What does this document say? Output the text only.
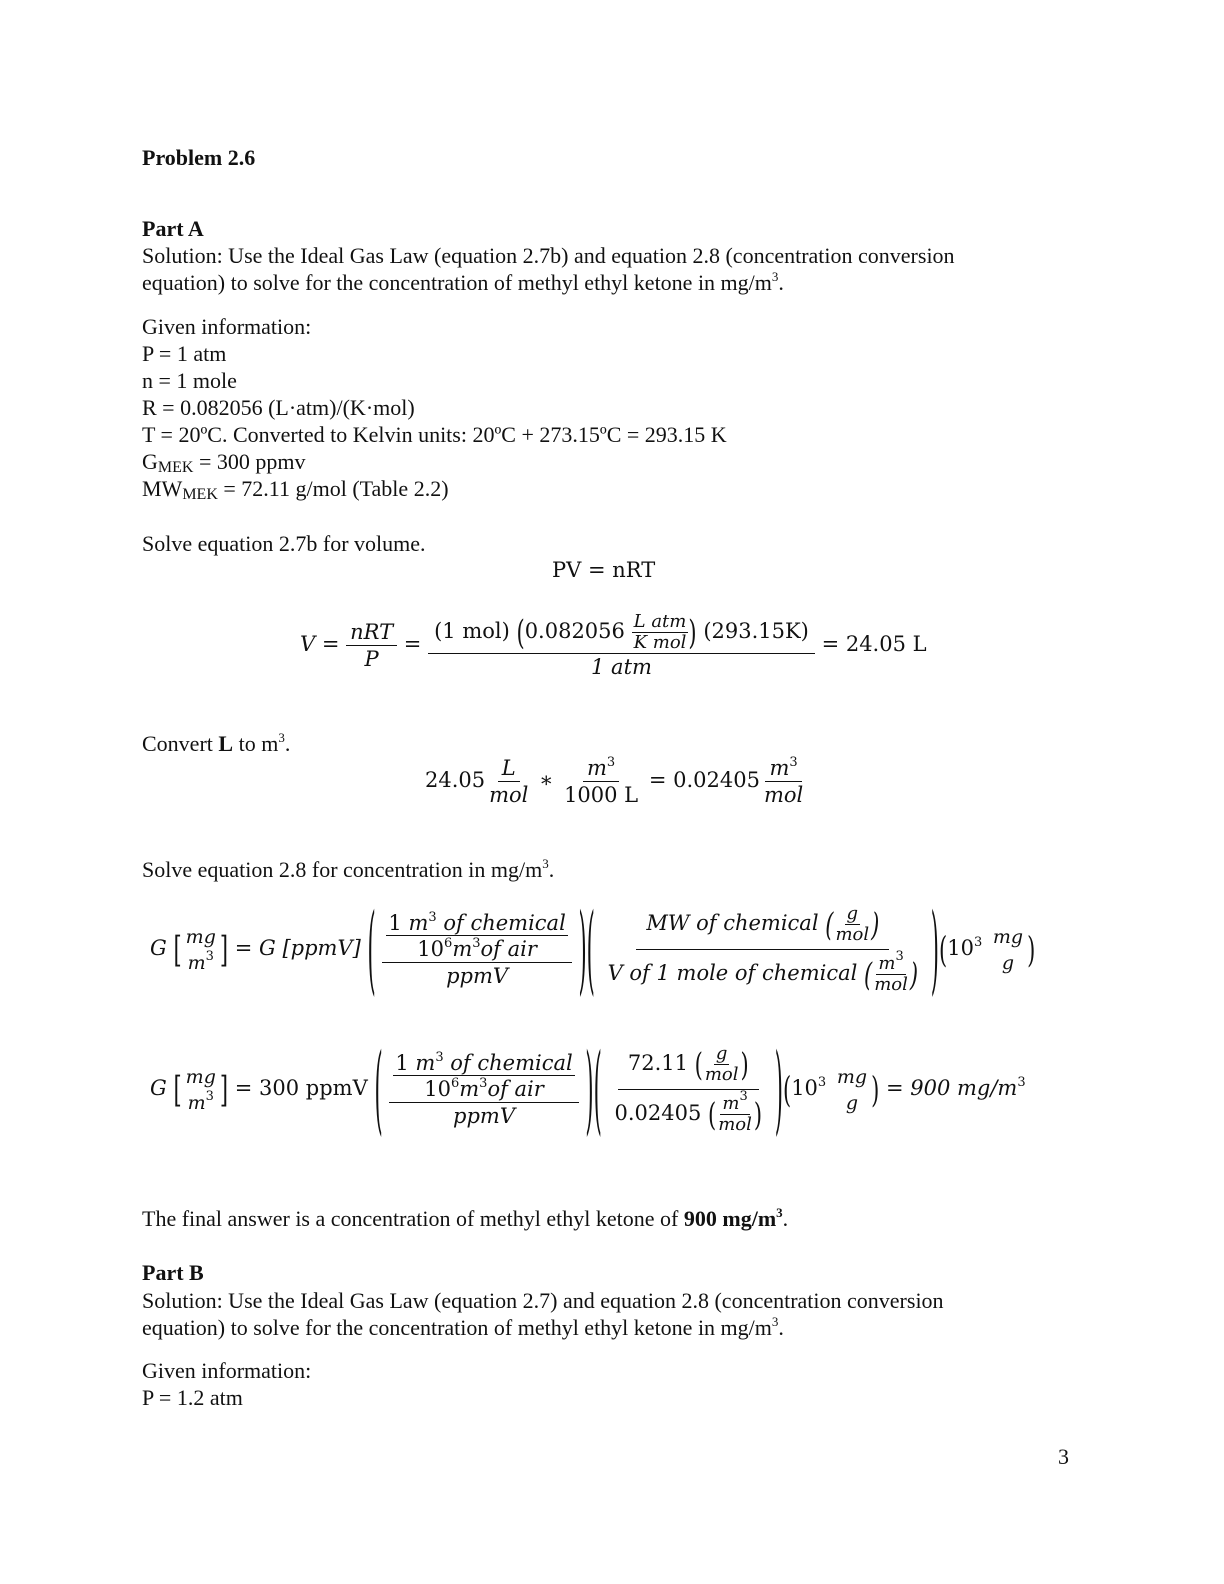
Problem 2.6
Part A
Solution: Use the Ideal Gas Law (equation 2.7b) and equation 2.8 (concentration conversion
equation) to solve for the concentration of methyl ethyl ketone in $mg/m^3$.
Given information:
P = 1 atm
n = 1 mole
R = 0.082056 (L·atm)/(K·mol)
T = 20ºC. Converted to Kelvin units: 20ºC + 273.15ºC = 293.15 K
$G_{MEK} = 300$ ppmv
$MW_{MEK} = 72.11$ g/mol (Table 2.2)
Solve equation 2.7b for volume.
PV = nRT
$V = \frac{\text{nRT}}{P} = \frac{(1 mol) (0.082056 \frac{\text{L atm}}{\text{K mol}} ) (293.15K)}{\text{1 atm}} = 24.05$ L
Convert L to $m^3$.
$24.05 \frac{L}{\text{mol}}$ ∗ $\frac{m^3}{1000 L} = 0.02405 \frac{m^3}{\text{mol}}$
Solve equation 2.8 for concentration in $mg/m^3$.
G [ mg
$m^3$ ] = G [ppmV] ( $\frac{\frac{1 m^3 of chemical}{10^6m^3of air}}{\text{ppmV}}$ )( $\frac{MW of chemical ( \frac{g}{\text{mol}} )}{V of 1 mole of chemical ( \frac{m^3}{\text{mol}} )} )(10^3$ mg
g )
G [ mg
$m^3$ ] = 300 ppmV ( $\frac{\frac{1 m^3 of chemical}{10^6m^3of air}}{\text{ppmV}}$ )( $\frac{72.11 ( \frac{g}{\text{mol}} )}{0.02405 ( \frac{m^3}{\text{mol}} )} )(10^3$ mg
g ) = 900 $mg/m^3$
The final answer is a concentration of methyl ethyl ketone of 900 $mg/m^3$.
Part B
Solution: Use the Ideal Gas Law (equation 2.7) and equation 2.8 (concentration conversion
equation) to solve for the concentration of methyl ethyl ketone in $mg/m^3$.
Given information:
P = 1.2 atm
3
